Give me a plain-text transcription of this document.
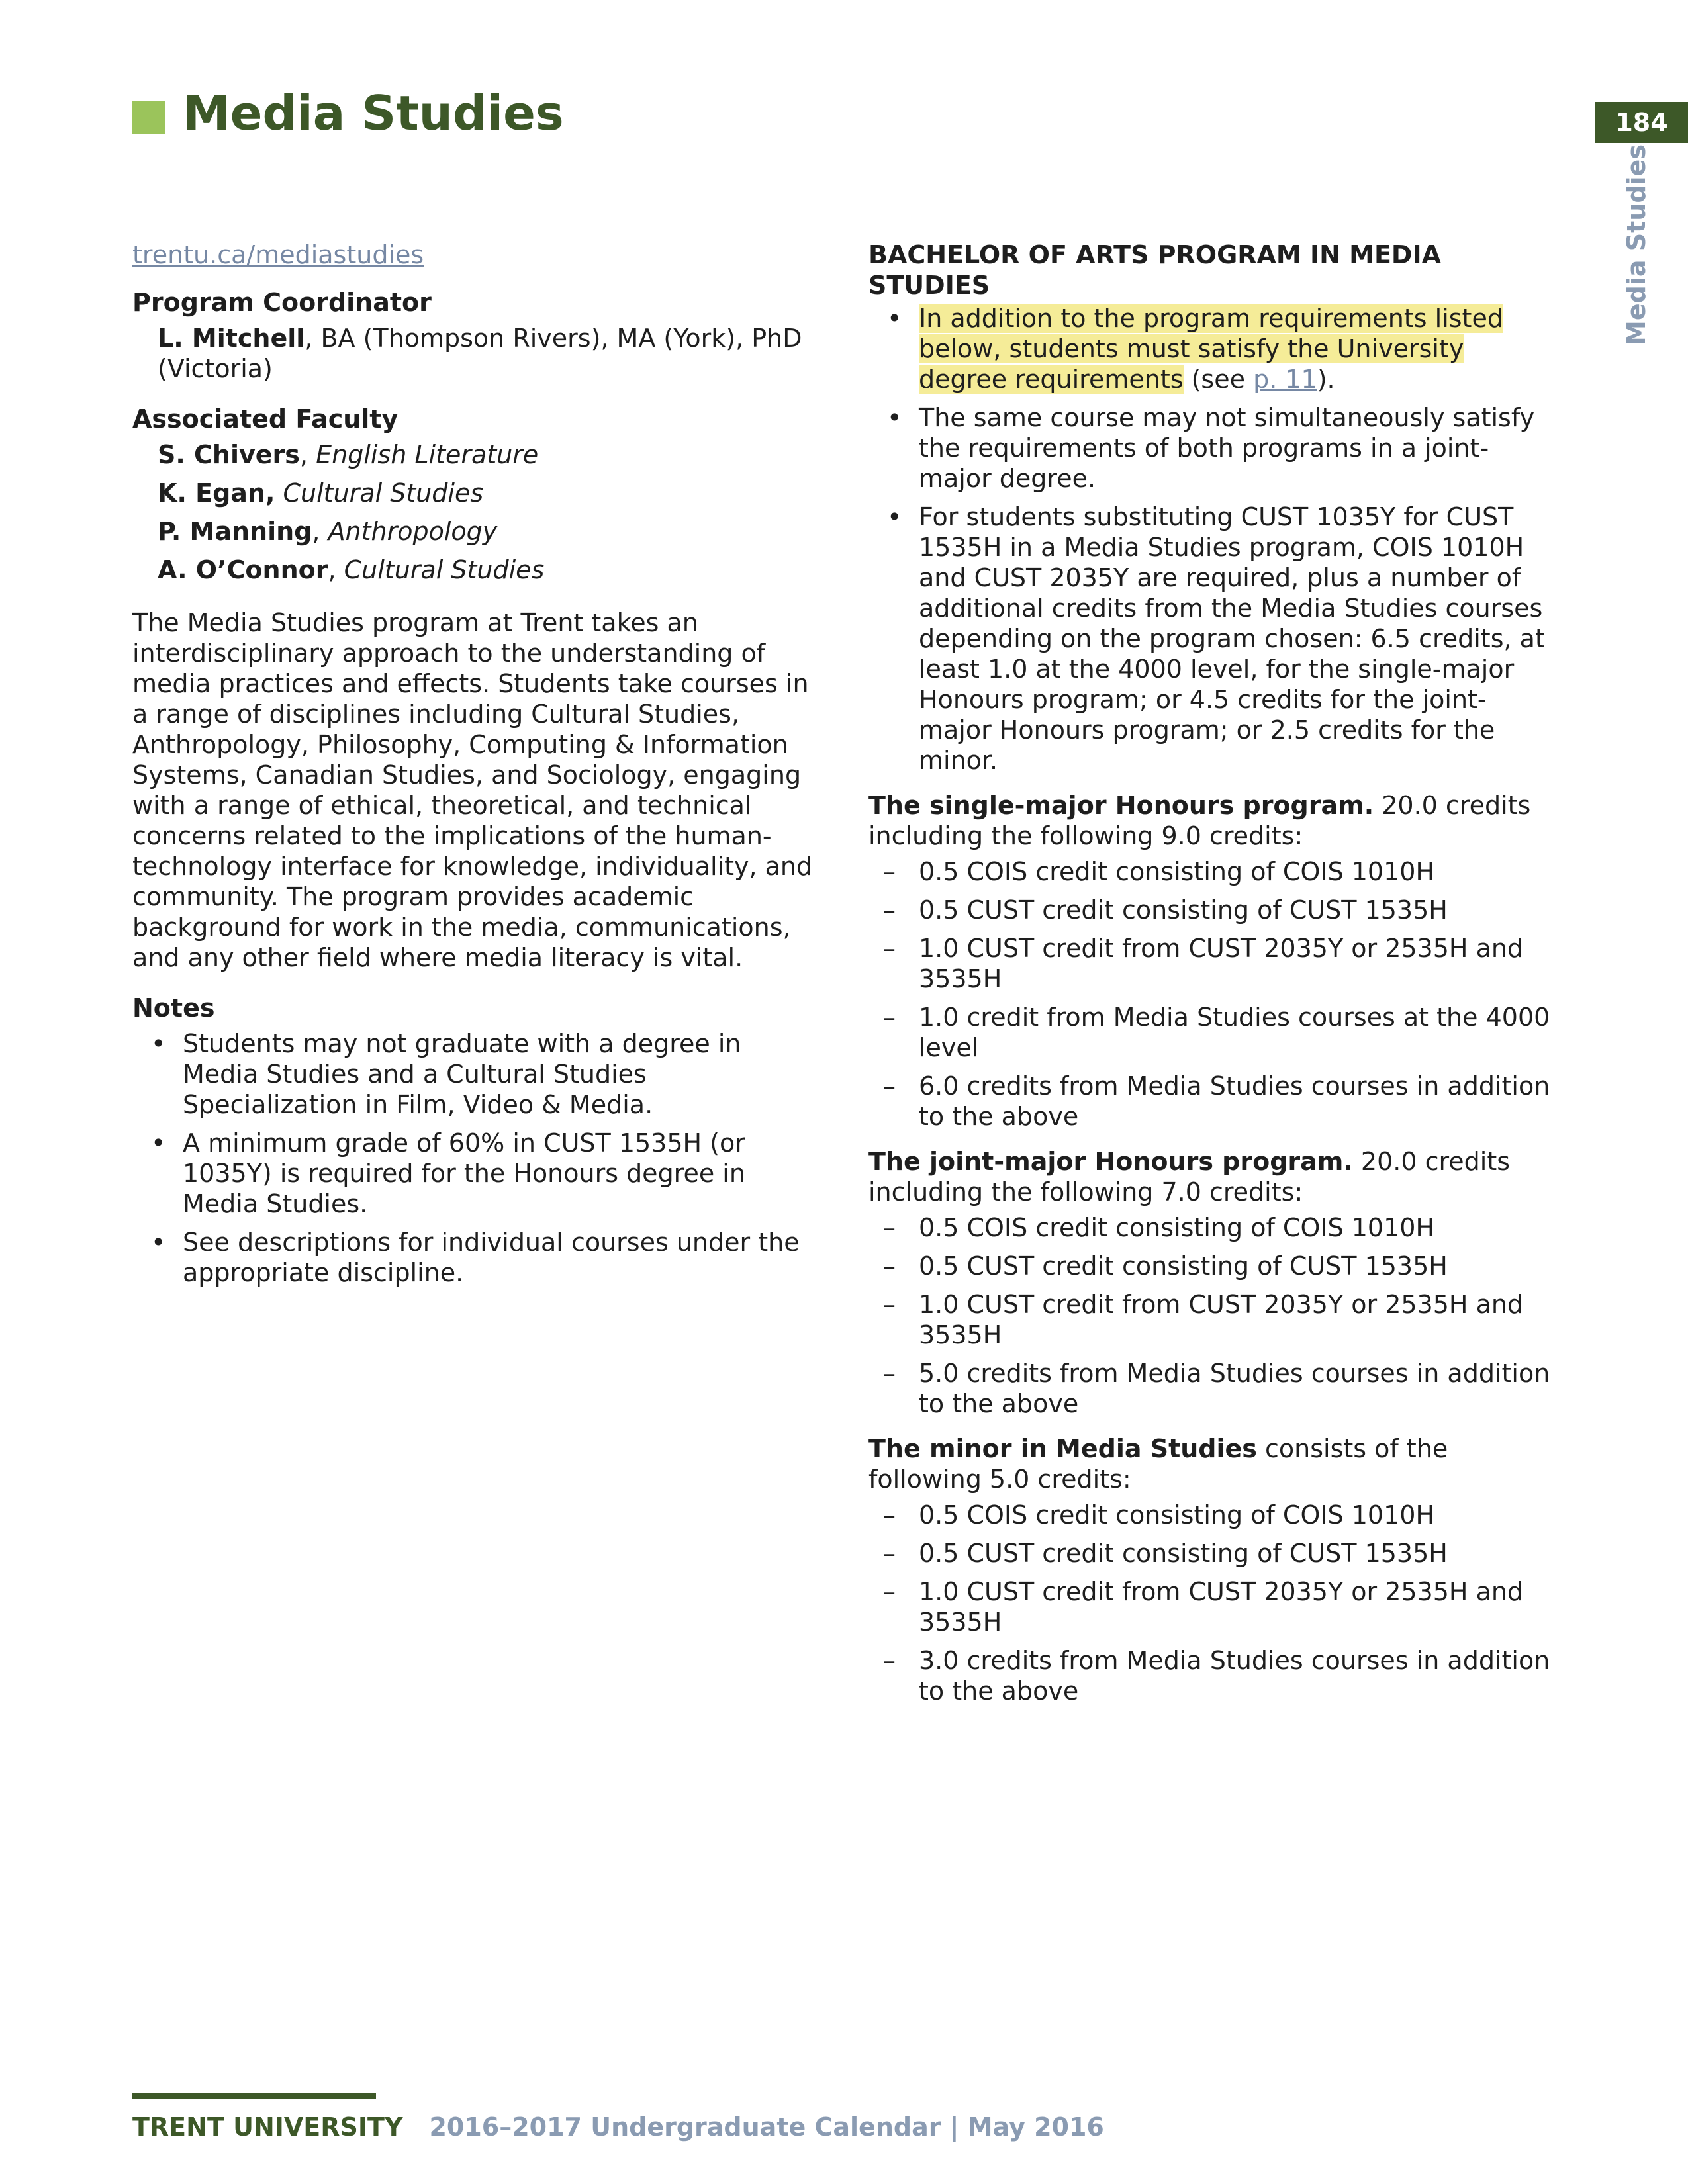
Media Studies	184
Media Studies
trentu.ca/mediastudies
Program Coordinator
L. Mitchell, BA (Thompson Rivers), MA (York), PhD (Victoria)
Associated Faculty
S. Chivers, English Literature
K. Egan, Cultural Studies
P. Manning, Anthropology
A. O’Connor, Cultural Studies

The Media Studies program at Trent takes an interdisciplinary approach to the understanding of media practices and effects. Students take courses in a range of disciplines including Cultural Studies, Anthropology, Philosophy, Computing & Information Systems, Canadian Studies, and Sociology, engaging with a range of ethical, theoretical, and technical concerns related to the implications of the human-technology interface for knowledge, individuality, and community. The program provides academic background for work in the media, communications, and any other field where media literacy is vital.

Notes
• Students may not graduate with a degree in Media Studies and a Cultural Studies Specialization in Film, Video & Media.
• A minimum grade of 60% in CUST 1535H (or 1035Y) is required for the Honours degree in Media Studies.
• See descriptions for individual courses under the appropriate discipline.
BACHELOR OF ARTS PROGRAM IN MEDIA STUDIES
• In addition to the program requirements listed below, students must satisfy the University degree requirements (see p. 11).
• The same course may not simultaneously satisfy the requirements of both programs in a joint-major degree.
• For students substituting CUST 1035Y for CUST 1535H in a Media Studies program, COIS 1010H and CUST 2035Y are required, plus a number of additional credits from the Media Studies courses depending on the program chosen: 6.5 credits, at least 1.0 at the 4000 level, for the single-major Honours program; or 4.5 credits for the joint-major Honours program; or 2.5 credits for the minor.
The single-major Honours program. 20.0 credits including the following 9.0 credits:
– 0.5 COIS credit consisting of COIS 1010H
– 0.5 CUST credit consisting of CUST 1535H
– 1.0 CUST credit from CUST 2035Y or 2535H and 3535H
– 1.0 credit from Media Studies courses at the 4000 level
– 6.0 credits from Media Studies courses in addition to the above
The joint-major Honours program. 20.0 credits including the following 7.0 credits:
– 0.5 COIS credit consisting of COIS 1010H
– 0.5 CUST credit consisting of CUST 1535H
– 1.0 CUST credit from CUST 2035Y or 2535H and 3535H
– 5.0 credits from Media Studies courses in addition to the above
The minor in Media Studies consists of the following 5.0 credits:
– 0.5 COIS credit consisting of COIS 1010H
– 0.5 CUST credit consisting of CUST 1535H
– 1.0 CUST credit from CUST 2035Y or 2535H and 3535H
– 3.0 credits from Media Studies courses in addition to the above
TRENT UNIVERSITY 2016–2017 Undergraduate Calendar | May 2016
